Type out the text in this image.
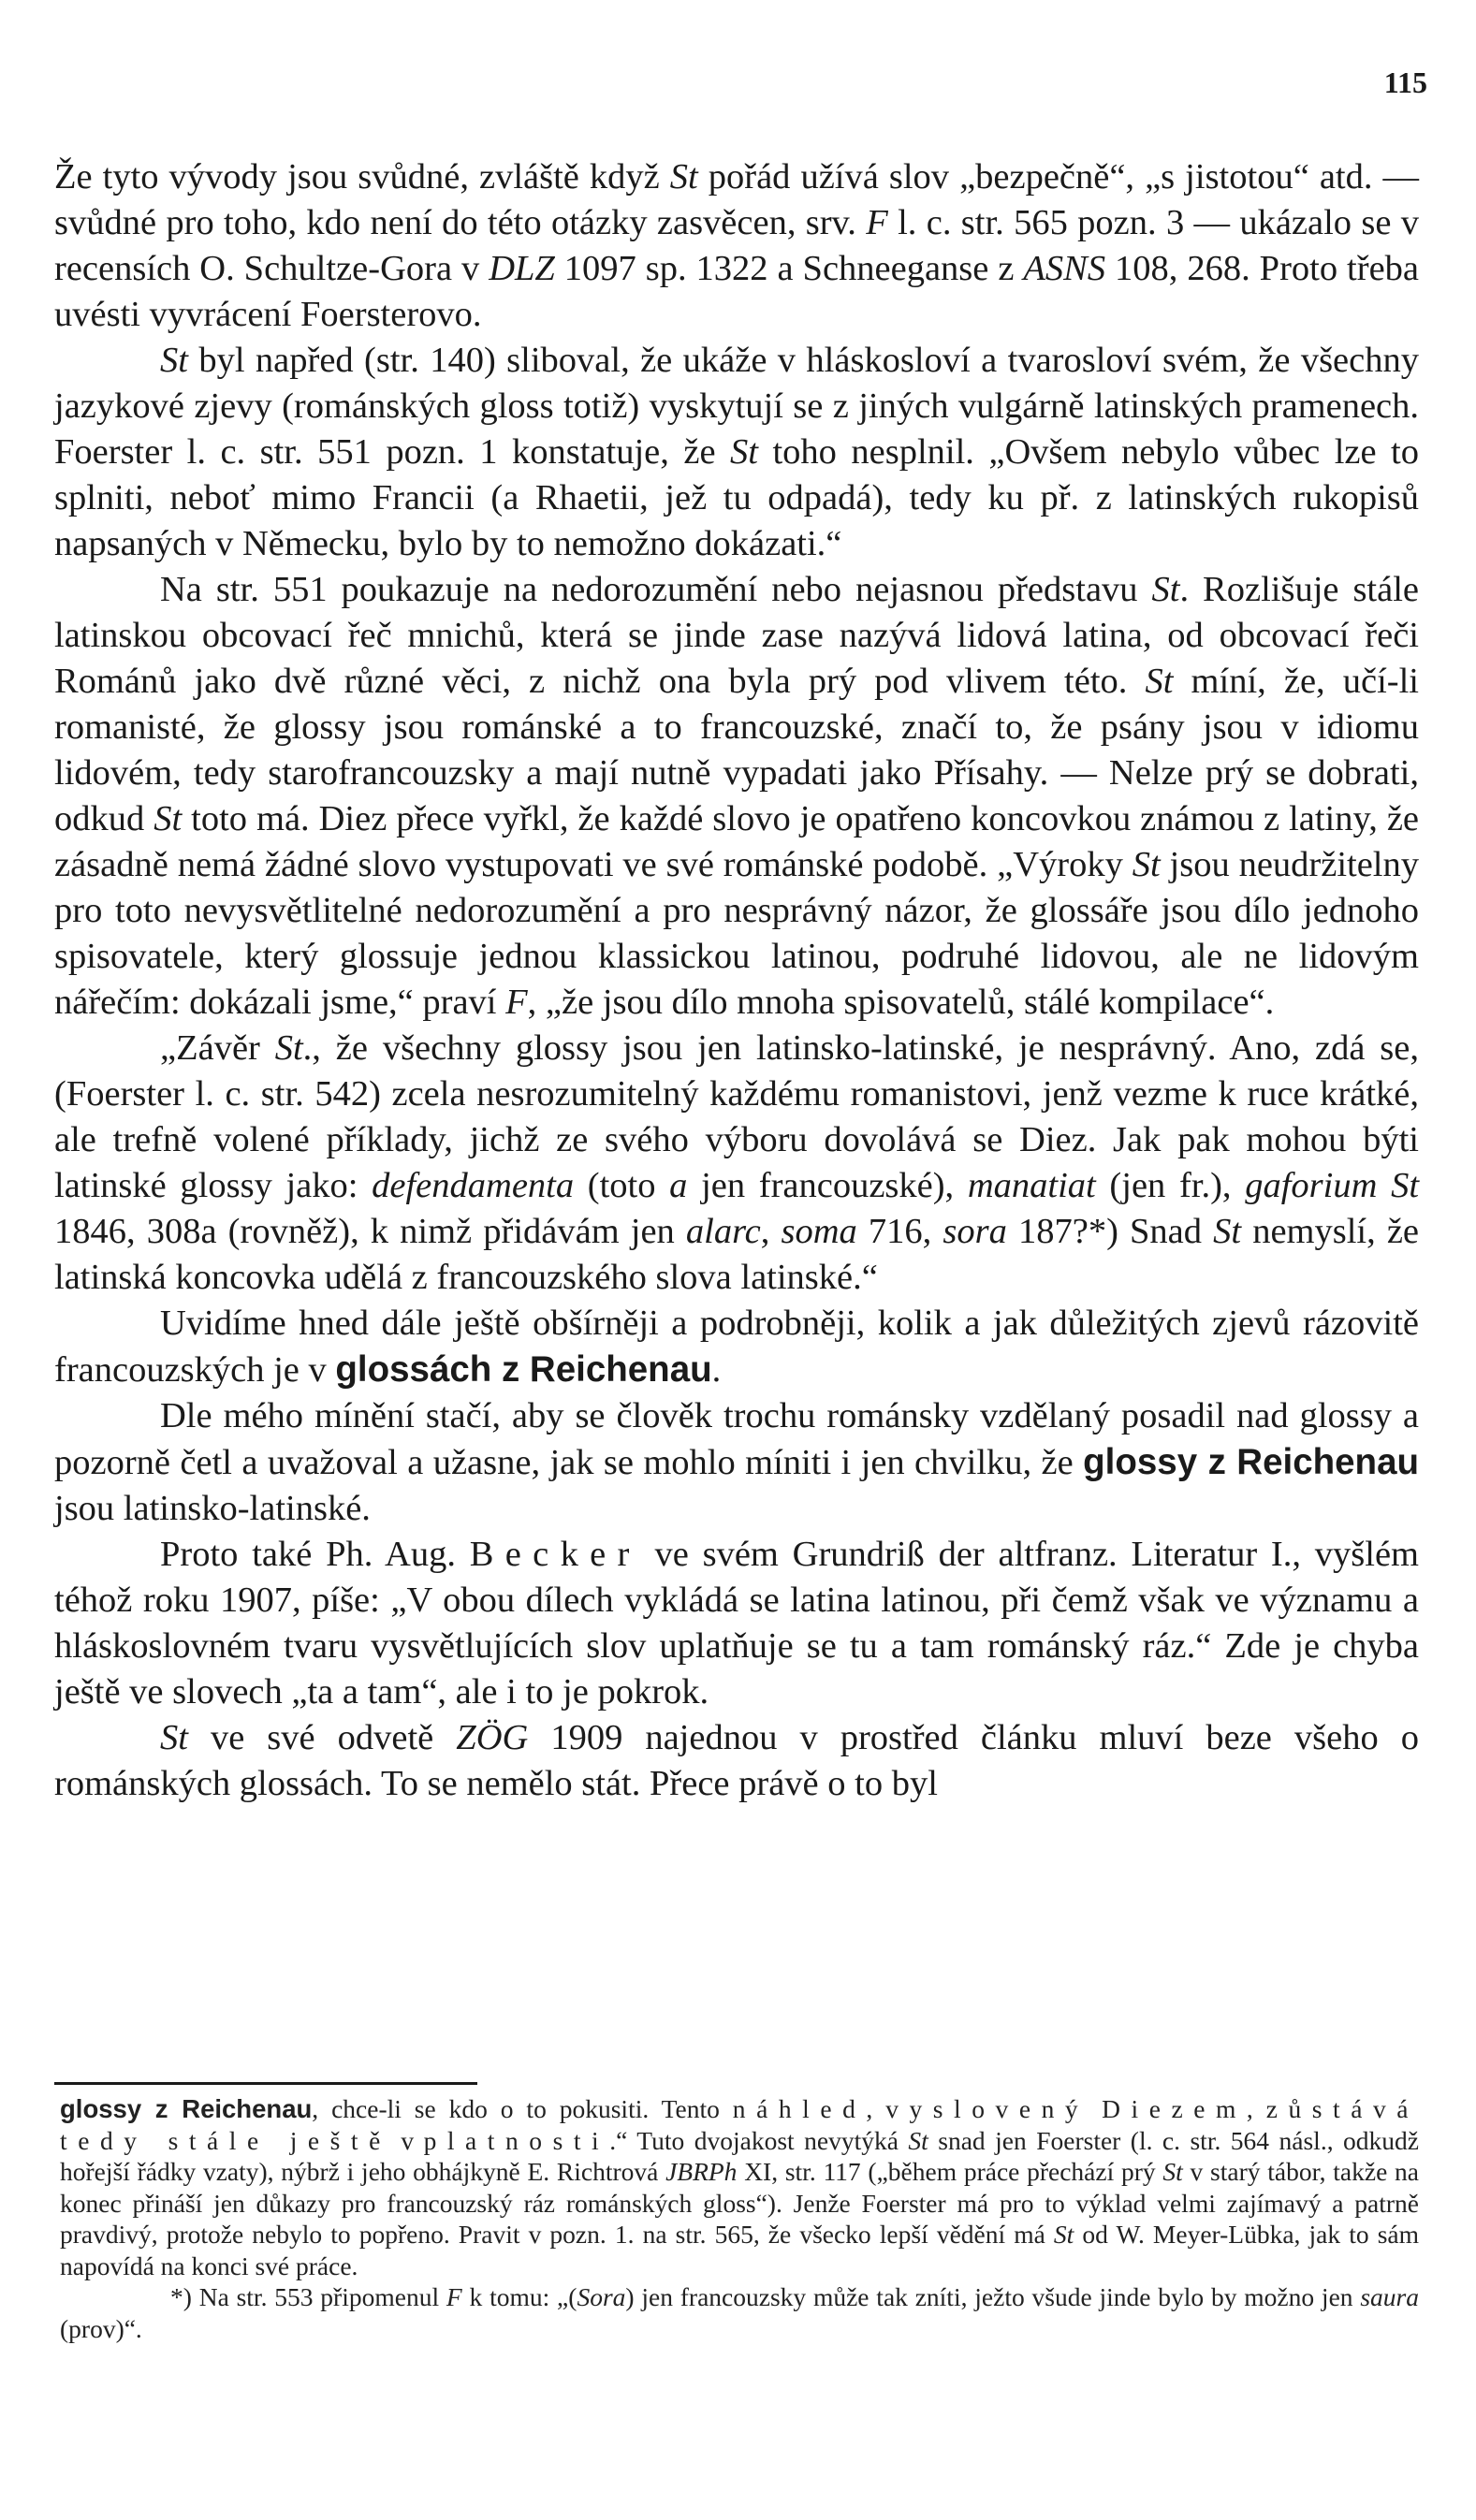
115

Že tyto vývody jsou svůdné, zvláště když St pořád užívá slov „bezpečně“, „s jistotou“ atd. — svůdné pro toho, kdo není do této otázky zasvěcen, srv. F l. c. str. 565 pozn. 3 — ukázalo se v recensích O. Schultze-Gora v DLZ 1097 sp. 1322 a Schneeganse z ASNS 108, 268. Proto třeba uvésti vyvrácení Foersterovo.

St byl napřed (str. 140) sliboval, že ukáže v hláskosloví a tvarosloví svém, že všechny jazykové zjevy (románských gloss totiž) vyskytují se z jiných vulgárně latinských pramenech. Foerster l. c. str. 551 pozn. 1 konstatuje, že St toho nesplnil. „Ovšem nebylo vůbec lze to splniti, neboť mimo Francii (a Rhaetii, jež tu odpadá), tedy ku př. z latinských rukopisů napsaných v Německu, bylo by to nemožno dokázati.“

Na str. 551 poukazuje na nedorozumění nebo nejasnou představu St. Rozlišuje stále latinskou obcovací řeč mnichů, která se jinde zase nazývá lidová latina, od obcovací řeči Románů jako dvě různé věci, z nichž ona byla prý pod vlivem této. St míní, že, učí-li romanisté, že glossy jsou románské a to francouzské, značí to, že psány jsou v idiomu lidovém, tedy starofrancouzsky a mají nutně vypadati jako Přísahy. — Nelze prý se dobrati, odkud St toto má. Diez přece vyřkl, že každé slovo je opatřeno koncovkou známou z latiny, že zásadně nemá žádné slovo vystupovati ve své románské podobě. „Výroky St jsou neudržitelny pro toto nevysvětlitelné nedorozumění a pro nesprávný názor, že glossáře jsou dílo jednoho spisovatele, který glossuje jednou klassickou latinou, podruhé lidovou, ale ne lidovým nářečím: dokázali jsme,“ praví F, „že jsou dílo mnoha spisovatelů, stálé kompilace“.

„Závěr St., že všechny glossy jsou jen latinsko-latinské, je nesprávný. Ano, zdá se, (Foerster l. c. str. 542) zcela nesrozumitelný každému romanistovi, jenž vezme k ruce krátké, ale trefně volené příklady, jichž ze svého výboru dovolává se Diez. Jak pak mohou býti latinské glossy jako: defendamenta (toto a jen francouzské), manatiat (jen fr.), gaforium St 1846, 308a (rovněž), k nimž přidávám jen alarc, soma 716, sora 187?*) Snad St nemyslí, že latinská koncovka udělá z francouzského slova latinské.“

Uvidíme hned dále ještě obšírněji a podrobněji, kolik a jak důležitých zjevů rázovitě francouzských je v glossách z Reichenau.

Dle mého mínění stačí, aby se člověk trochu románsky vzdělaný posadil nad glossy a pozorně četl a uvažoval a užasne, jak se mohlo míniti i jen chvilku, že glossy z Reichenau jsou latinsko-latinské.

Proto také Ph. Aug. Becker ve svém Grundriß der altfranz. Literatur I., vyšlém téhož roku 1907, píše: „V obou dílech vykládá se latina latinou, při čemž však ve významu a hláskoslovném tvaru vysvětlujících slov uplatňuje se tu a tam románský ráz.“ Zde je chyba ještě ve slovech „ta a tam“, ale i to je pokrok.

St ve své odvetě ZÖG 1909 najednou v prostřed článku mluví beze všeho o románských glossách. To se nemělo stát. Přece právě o to byl

glossy z Reichenau, chce-li se kdo o to pokusiti. Tento náhled, vyslovený Diezem, zůstává tedy stále ještě v platnosti.“ Tuto dvojakost nevytýká St snad jen Foerster (l. c. str. 564 násl., odkudž hořejší řádky vzaty), nýbrž i jeho obhájkyně E. Richtrová JBRPh XI, str. 117 („během práce přechází prý St v starý tábor, takže na konec přináší jen důkazy pro francouzský ráz románských gloss“). Jenže Foerster má pro to výklad velmi zajímavý a patrně pravdivý, protože nebylo to popřeno. Pravit v pozn. 1. na str. 565, že všecko lepší vědění má St od W. Meyer-Lübka, jak to sám napovídá na konci své práce.

*) Na str. 553 připomenul F k tomu: „(Sora) jen francouzsky může tak zníti, ježto všude jinde bylo by možno jen saura (prov)“.
